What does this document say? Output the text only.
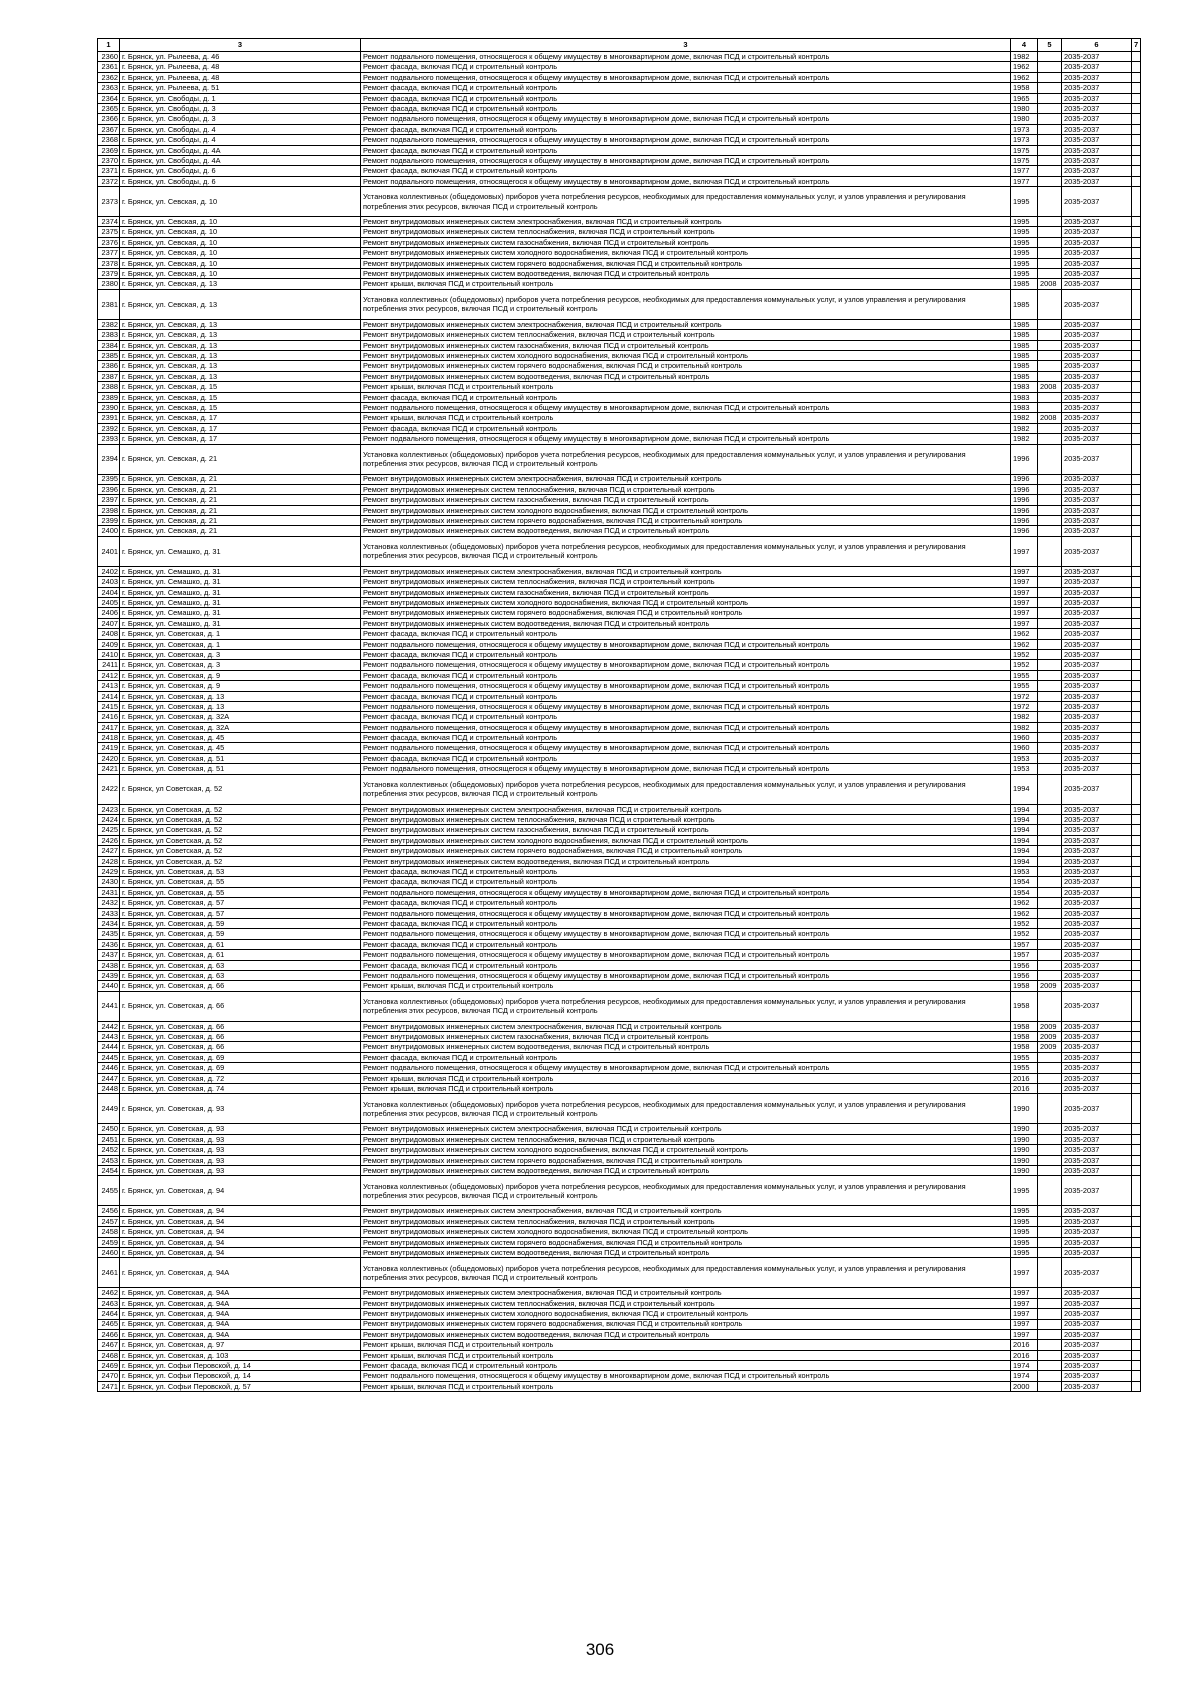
1	3	3	4	5	6	7
2360	г. Брянск, ул. Рылеева, д. 46	Ремонт подвального помещения, относящегося к общему имуществу в многоквартирном доме, включая ПСД и строительный контроль	1982		2035-2037	
2361	г. Брянск, ул. Рылеева, д. 48	Ремонт фасада, включая ПСД и строительный контроль	1962		2035-2037	
2362	г. Брянск, ул. Рылеева, д. 48	Ремонт подвального помещения, относящегося к общему имуществу в многоквартирном доме, включая ПСД и строительный контроль	1962		2035-2037	
2363	г. Брянск, ул. Рылеева, д. 51	Ремонт фасада, включая ПСД и строительный контроль	1958		2035-2037	
2364	г. Брянск, ул. Свободы, д. 1	Ремонт фасада, включая ПСД и строительный контроль	1965		2035-2037	
2365	г. Брянск, ул. Свободы, д. 3	Ремонт фасада, включая ПСД и строительный контроль	1980		2035-2037	
2366	г. Брянск, ул. Свободы, д. 3	Ремонт подвального помещения, относящегося к общему имуществу в многоквартирном доме, включая ПСД и строительный контроль	1980		2035-2037	
2367	г. Брянск, ул. Свободы, д. 4	Ремонт фасада, включая ПСД и строительный контроль	1973		2035-2037	
2368	г. Брянск, ул. Свободы, д. 4	Ремонт подвального помещения, относящегося к общему имуществу в многоквартирном доме, включая ПСД и строительный контроль	1973		2035-2037	
2369	г. Брянск, ул. Свободы, д. 4А	Ремонт фасада, включая ПСД и строительный контроль	1975		2035-2037	
2370	г. Брянск, ул. Свободы, д. 4А	Ремонт подвального помещения, относящегося к общему имуществу в многоквартирном доме, включая ПСД и строительный контроль	1975		2035-2037	
2371	г. Брянск, ул. Свободы, д. 6	Ремонт фасада, включая ПСД и строительный контроль	1977		2035-2037	
2372	г. Брянск, ул. Свободы, д. 6	Ремонт подвального помещения, относящегося к общему имуществу в многоквартирном доме, включая ПСД и строительный контроль	1977		2035-2037	
2373	г. Брянск, ул. Севская, д. 10	Установка коллективных (общедомовых) приборов учета потребления ресурсов, необходимых для предоставления коммунальных услуг, и узлов управления и регулирования потребления этих ресурсов, включая ПСД и строительный контроль	1995		2035-2037	
2374	г. Брянск, ул. Севская, д. 10	Ремонт внутридомовых инженерных систем электроснабжения, включая ПСД и строительный контроль	1995		2035-2037	
2375	г. Брянск, ул. Севская, д. 10	Ремонт внутридомовых инженерных систем теплоснабжения, включая ПСД и строительный контроль	1995		2035-2037	
2376	г. Брянск, ул. Севская, д. 10	Ремонт внутридомовых инженерных систем газоснабжения, включая ПСД и строительный контроль	1995		2035-2037	
2377	г. Брянск, ул. Севская, д. 10	Ремонт внутридомовых инженерных систем холодного водоснабжения, включая ПСД и строительный контроль	1995		2035-2037	
2378	г. Брянск, ул. Севская, д. 10	Ремонт внутридомовых инженерных систем горячего водоснабжения, включая ПСД и строительный контроль	1995		2035-2037	
2379	г. Брянск, ул. Севская, д. 10	Ремонт внутридомовых инженерных систем водоотведения, включая ПСД и строительный контроль	1995		2035-2037	
2380	г. Брянск, ул. Севская, д. 13	Ремонт крыши, включая ПСД и строительный контроль	1985	2008	2035-2037	
2381	г. Брянск, ул. Севская, д. 13	Установка коллективных (общедомовых) приборов учета потребления ресурсов, необходимых для предоставления коммунальных услуг, и узлов управления и регулирования потребления этих ресурсов, включая ПСД и строительный контроль	1985		2035-2037	
2382	г. Брянск, ул. Севская, д. 13	Ремонт внутридомовых инженерных систем электроснабжения, включая ПСД и строительный контроль	1985		2035-2037	
2383	г. Брянск, ул. Севская, д. 13	Ремонт внутридомовых инженерных систем теплоснабжения, включая ПСД и строительный контроль	1985		2035-2037	
2384	г. Брянск, ул. Севская, д. 13	Ремонт внутридомовых инженерных систем газоснабжения, включая ПСД и строительный контроль	1985		2035-2037	
2385	г. Брянск, ул. Севская, д. 13	Ремонт внутридомовых инженерных систем холодного водоснабжения, включая ПСД и строительный контроль	1985		2035-2037	
2386	г. Брянск, ул. Севская, д. 13	Ремонт внутридомовых инженерных систем горячего водоснабжения, включая ПСД и строительный контроль	1985		2035-2037	
2387	г. Брянск, ул. Севская, д. 13	Ремонт внутридомовых инженерных систем водоотведения, включая ПСД и строительный контроль	1985		2035-2037	
2388	г. Брянск, ул. Севская, д. 15	Ремонт крыши, включая ПСД и строительный контроль	1983	2008	2035-2037	
2389	г. Брянск, ул. Севская, д. 15	Ремонт фасада, включая ПСД и строительный контроль	1983		2035-2037	
2390	г. Брянск, ул. Севская, д. 15	Ремонт подвального помещения, относящегося к общему имуществу в многоквартирном доме, включая ПСД и строительный контроль	1983		2035-2037	
2391	г. Брянск, ул. Севская, д. 17	Ремонт крыши, включая ПСД и строительный контроль	1982	2008	2035-2037	
2392	г. Брянск, ул. Севская, д. 17	Ремонт фасада, включая ПСД и строительный контроль	1982		2035-2037	
2393	г. Брянск, ул. Севская, д. 17	Ремонт подвального помещения, относящегося к общему имуществу в многоквартирном доме, включая ПСД и строительный контроль	1982		2035-2037	
2394	г. Брянск, ул. Севская, д. 21	Установка коллективных (общедомовых) приборов учета потребления ресурсов, необходимых для предоставления коммунальных услуг, и узлов управления и регулирования потребления этих ресурсов, включая ПСД и строительный контроль	1996		2035-2037	
2395	г. Брянск, ул. Севская, д. 21	Ремонт внутридомовых инженерных систем электроснабжения, включая ПСД и строительный контроль	1996		2035-2037	
2396	г. Брянск, ул. Севская, д. 21	Ремонт внутридомовых инженерных систем теплоснабжения, включая ПСД и строительный контроль	1996		2035-2037	
2397	г. Брянск, ул. Севская, д. 21	Ремонт внутридомовых инженерных систем газоснабжения, включая ПСД и строительный контроль	1996		2035-2037	
2398	г. Брянск, ул. Севская, д. 21	Ремонт внутридомовых инженерных систем холодного водоснабжения, включая ПСД и строительный контроль	1996		2035-2037	
2399	г. Брянск, ул. Севская, д. 21	Ремонт внутридомовых инженерных систем горячего водоснабжения, включая ПСД и строительный контроль	1996		2035-2037	
2400	г. Брянск, ул. Севская, д. 21	Ремонт внутридомовых инженерных систем водоотведения, включая ПСД и строительный контроль	1996		2035-2037	
2401	г. Брянск, ул. Семашко, д. 31	Установка коллективных (общедомовых) приборов учета потребления ресурсов, необходимых для предоставления коммунальных услуг, и узлов управления и регулирования потребления этих ресурсов, включая ПСД и строительный контроль	1997		2035-2037	
2402	г. Брянск, ул. Семашко, д. 31	Ремонт внутридомовых инженерных систем электроснабжения, включая ПСД и строительный контроль	1997		2035-2037	
2403	г. Брянск, ул. Семашко, д. 31	Ремонт внутридомовых инженерных систем теплоснабжения, включая ПСД и строительный контроль	1997		2035-2037	
2404	г. Брянск, ул. Семашко, д. 31	Ремонт внутридомовых инженерных систем газоснабжения, включая ПСД и строительный контроль	1997		2035-2037	
2405	г. Брянск, ул. Семашко, д. 31	Ремонт внутридомовых инженерных систем холодного водоснабжения, включая ПСД и строительный контроль	1997		2035-2037	
2406	г. Брянск, ул. Семашко, д. 31	Ремонт внутридомовых инженерных систем горячего водоснабжения, включая ПСД и строительный контроль	1997		2035-2037	
2407	г. Брянск, ул. Семашко, д. 31	Ремонт внутридомовых инженерных систем водоотведения, включая ПСД и строительный контроль	1997		2035-2037	
2408	г. Брянск, ул. Советская, д. 1	Ремонт фасада, включая ПСД и строительный контроль	1962		2035-2037	
2409	г. Брянск, ул. Советская, д. 1	Ремонт подвального помещения, относящегося к общему имуществу в многоквартирном доме, включая ПСД и строительный контроль	1962		2035-2037	
2410	г. Брянск, ул. Советская, д. 3	Ремонт фасада, включая ПСД и строительный контроль	1952		2035-2037	
2411	г. Брянск, ул. Советская, д. 3	Ремонт подвального помещения, относящегося к общему имуществу в многоквартирном доме, включая ПСД и строительный контроль	1952		2035-2037	
2412	г. Брянск, ул. Советская, д. 9	Ремонт фасада, включая ПСД и строительный контроль	1955		2035-2037	
2413	г. Брянск, ул. Советская, д. 9	Ремонт подвального помещения, относящегося к общему имуществу в многоквартирном доме, включая ПСД и строительный контроль	1955		2035-2037	
2414	г. Брянск, ул. Советская, д. 13	Ремонт фасада, включая ПСД и строительный контроль	1972		2035-2037	
2415	г. Брянск, ул. Советская, д. 13	Ремонт подвального помещения, относящегося к общему имуществу в многоквартирном доме, включая ПСД и строительный контроль	1972		2035-2037	
2416	г. Брянск, ул. Советская, д. 32А	Ремонт фасада, включая ПСД и строительный контроль	1982		2035-2037	
2417	г. Брянск, ул. Советская, д. 32А	Ремонт подвального помещения, относящегося к общему имуществу в многоквартирном доме, включая ПСД и строительный контроль	1982		2035-2037	
2418	г. Брянск, ул. Советская, д. 45	Ремонт фасада, включая ПСД и строительный контроль	1960		2035-2037	
2419	г. Брянск, ул. Советская, д. 45	Ремонт подвального помещения, относящегося к общему имуществу в многоквартирном доме, включая ПСД и строительный контроль	1960		2035-2037	
2420	г. Брянск, ул. Советская, д. 51	Ремонт фасада, включая ПСД и строительный контроль	1953		2035-2037	
2421	г. Брянск, ул. Советская, д. 51	Ремонт подвального помещения, относящегося к общему имуществу в многоквартирном доме, включая ПСД и строительный контроль	1953		2035-2037	
2422	г. Брянск, ул Советская, д. 52	Установка коллективных (общедомовых) приборов учета потребления ресурсов, необходимых для предоставления коммунальных услуг, и узлов управления и регулирования потребления этих ресурсов, включая ПСД и строительный контроль	1994		2035-2037	
2423	г. Брянск, ул Советская, д. 52	Ремонт внутридомовых инженерных систем электроснабжения, включая ПСД и строительный контроль	1994		2035-2037	
2424	г. Брянск, ул Советская, д. 52	Ремонт внутридомовых инженерных систем теплоснабжения, включая ПСД и строительный контроль	1994		2035-2037	
2425	г. Брянск, ул Советская, д. 52	Ремонт внутридомовых инженерных систем газоснабжения, включая ПСД и строительный контроль	1994		2035-2037	
2426	г. Брянск, ул Советская, д. 52	Ремонт внутридомовых инженерных систем холодного водоснабжения, включая ПСД и строительный контроль	1994		2035-2037	
2427	г. Брянск, ул Советская, д. 52	Ремонт внутридомовых инженерных систем горячего водоснабжения, включая ПСД и строительный контроль	1994		2035-2037	
2428	г. Брянск, ул Советская, д. 52	Ремонт внутридомовых инженерных систем водоотведения, включая ПСД и строительный контроль	1994		2035-2037	
2429	г. Брянск, ул. Советская, д. 53	Ремонт фасада, включая ПСД и строительный контроль	1953		2035-2037	
2430	г. Брянск, ул. Советская, д. 55	Ремонт фасада, включая ПСД и строительный контроль	1954		2035-2037	
2431	г. Брянск, ул. Советская, д. 55	Ремонт подвального помещения, относящегося к общему имуществу в многоквартирном доме, включая ПСД и строительный контроль	1954		2035-2037	
2432	г. Брянск, ул. Советская, д. 57	Ремонт фасада, включая ПСД и строительный контроль	1962		2035-2037	
2433	г. Брянск, ул. Советская, д. 57	Ремонт подвального помещения, относящегося к общему имуществу в многоквартирном доме, включая ПСД и строительный контроль	1962		2035-2037	
2434	г. Брянск, ул. Советская, д. 59	Ремонт фасада, включая ПСД и строительный контроль	1952		2035-2037	
2435	г. Брянск, ул. Советская, д. 59	Ремонт подвального помещения, относящегося к общему имуществу в многоквартирном доме, включая ПСД и строительный контроль	1952		2035-2037	
2436	г. Брянск, ул. Советская, д. 61	Ремонт фасада, включая ПСД и строительный контроль	1957		2035-2037	
2437	г. Брянск, ул. Советская, д. 61	Ремонт подвального помещения, относящегося к общему имуществу в многоквартирном доме, включая ПСД и строительный контроль	1957		2035-2037	
2438	г. Брянск, ул. Советская, д. 63	Ремонт фасада, включая ПСД и строительный контроль	1956		2035-2037	
2439	г. Брянск, ул. Советская, д. 63	Ремонт подвального помещения, относящегося к общему имуществу в многоквартирном доме, включая ПСД и строительный контроль	1956		2035-2037	
2440	г. Брянск, ул. Советская, д. 66	Ремонт крыши, включая ПСД и строительный контроль	1958	2009	2035-2037	
2441	г. Брянск, ул. Советская, д. 66	Установка коллективных (общедомовых) приборов учета потребления ресурсов, необходимых для предоставления коммунальных услуг, и узлов управления и регулирования потребления этих ресурсов, включая ПСД и строительный контроль	1958		2035-2037	
2442	г. Брянск, ул. Советская, д. 66	Ремонт внутридомовых инженерных систем электроснабжения, включая ПСД и строительный контроль	1958	2009	2035-2037	
2443	г. Брянск, ул. Советская, д. 66	Ремонт внутридомовых инженерных систем газоснабжения, включая ПСД и строительный контроль	1958	2009	2035-2037	
2444	г. Брянск, ул. Советская, д. 66	Ремонт внутридомовых инженерных систем водоотведения, включая ПСД и строительный контроль	1958	2009	2035-2037	
2445	г. Брянск, ул. Советская, д. 69	Ремонт фасада, включая ПСД и строительный контроль	1955		2035-2037	
2446	г. Брянск, ул. Советская, д. 69	Ремонт подвального помещения, относящегося к общему имуществу в многоквартирном доме, включая ПСД и строительный контроль	1955		2035-2037	
2447	г. Брянск, ул. Советская, д. 72	Ремонт крыши, включая ПСД и строительный контроль	2016		2035-2037	
2448	г. Брянск, ул. Советская, д. 74	Ремонт крыши, включая ПСД и строительный контроль	2016		2035-2037	
2449	г. Брянск, ул. Советская, д. 93	Установка коллективных (общедомовых) приборов учета потребления ресурсов, необходимых для предоставления коммунальных услуг, и узлов управления и регулирования потребления этих ресурсов, включая ПСД и строительный контроль	1990		2035-2037	
2450	г. Брянск, ул. Советская, д. 93	Ремонт внутридомовых инженерных систем электроснабжения, включая ПСД и строительный контроль	1990		2035-2037	
2451	г. Брянск, ул. Советская, д. 93	Ремонт внутридомовых инженерных систем теплоснабжения, включая ПСД и строительный контроль	1990		2035-2037	
2452	г. Брянск, ул. Советская, д. 93	Ремонт внутридомовых инженерных систем холодного водоснабжения, включая ПСД и строительный контроль	1990		2035-2037	
2453	г. Брянск, ул. Советская, д. 93	Ремонт внутридомовых инженерных систем горячего водоснабжения, включая ПСД и строительный контроль	1990		2035-2037	
2454	г. Брянск, ул. Советская, д. 93	Ремонт внутридомовых инженерных систем водоотведения, включая ПСД и строительный контроль	1990		2035-2037	
2455	г. Брянск, ул. Советская, д. 94	Установка коллективных (общедомовых) приборов учета потребления ресурсов, необходимых для предоставления коммунальных услуг, и узлов управления и регулирования потребления этих ресурсов, включая ПСД и строительный контроль	1995		2035-2037	
2456	г. Брянск, ул. Советская, д. 94	Ремонт внутридомовых инженерных систем электроснабжения, включая ПСД и строительный контроль	1995		2035-2037	
2457	г. Брянск, ул. Советская, д. 94	Ремонт внутридомовых инженерных систем теплоснабжения, включая ПСД и строительный контроль	1995		2035-2037	
2458	г. Брянск, ул. Советская, д. 94	Ремонт внутридомовых инженерных систем холодного водоснабжения, включая ПСД и строительный контроль	1995		2035-2037	
2459	г. Брянск, ул. Советская, д. 94	Ремонт внутридомовых инженерных систем горячего водоснабжения, включая ПСД и строительный контроль	1995		2035-2037	
2460	г. Брянск, ул. Советская, д. 94	Ремонт внутридомовых инженерных систем водоотведения, включая ПСД и строительный контроль	1995		2035-2037	
2461	г. Брянск, ул. Советская, д. 94А	Установка коллективных (общедомовых) приборов учета потребления ресурсов, необходимых для предоставления коммунальных услуг, и узлов управления и регулирования потребления этих ресурсов, включая ПСД и строительный контроль	1997		2035-2037	
2462	г. Брянск, ул. Советская, д. 94А	Ремонт внутридомовых инженерных систем электроснабжения, включая ПСД и строительный контроль	1997		2035-2037	
2463	г. Брянск, ул. Советская, д. 94А	Ремонт внутридомовых инженерных систем теплоснабжения, включая ПСД и строительный контроль	1997		2035-2037	
2464	г. Брянск, ул. Советская, д. 94А	Ремонт внутридомовых инженерных систем холодного водоснабжения, включая ПСД и строительный контроль	1997		2035-2037	
2465	г. Брянск, ул. Советская, д. 94А	Ремонт внутридомовых инженерных систем горячего водоснабжения, включая ПСД и строительный контроль	1997		2035-2037	
2466	г. Брянск, ул. Советская, д. 94А	Ремонт внутридомовых инженерных систем водоотведения, включая ПСД и строительный контроль	1997		2035-2037	
2467	г. Брянск, ул. Советская, д. 97	Ремонт крыши, включая ПСД и строительный контроль	2016		2035-2037	
2468	г. Брянск, ул. Советская, д. 103	Ремонт крыши, включая ПСД и строительный контроль	2016		2035-2037	
2469	г. Брянск, ул. Софьи Перовской, д. 14	Ремонт фасада, включая ПСД и строительный контроль	1974		2035-2037	
2470	г. Брянск, ул. Софьи Перовской, д. 14	Ремонт подвального помещения, относящегося к общему имуществу в многоквартирном доме, включая ПСД и строительный контроль	1974		2035-2037	
2471	г. Брянск, ул. Софьи Перовской, д. 57	Ремонт крыши, включая ПСД и строительный контроль	2000		2035-2037	
306
